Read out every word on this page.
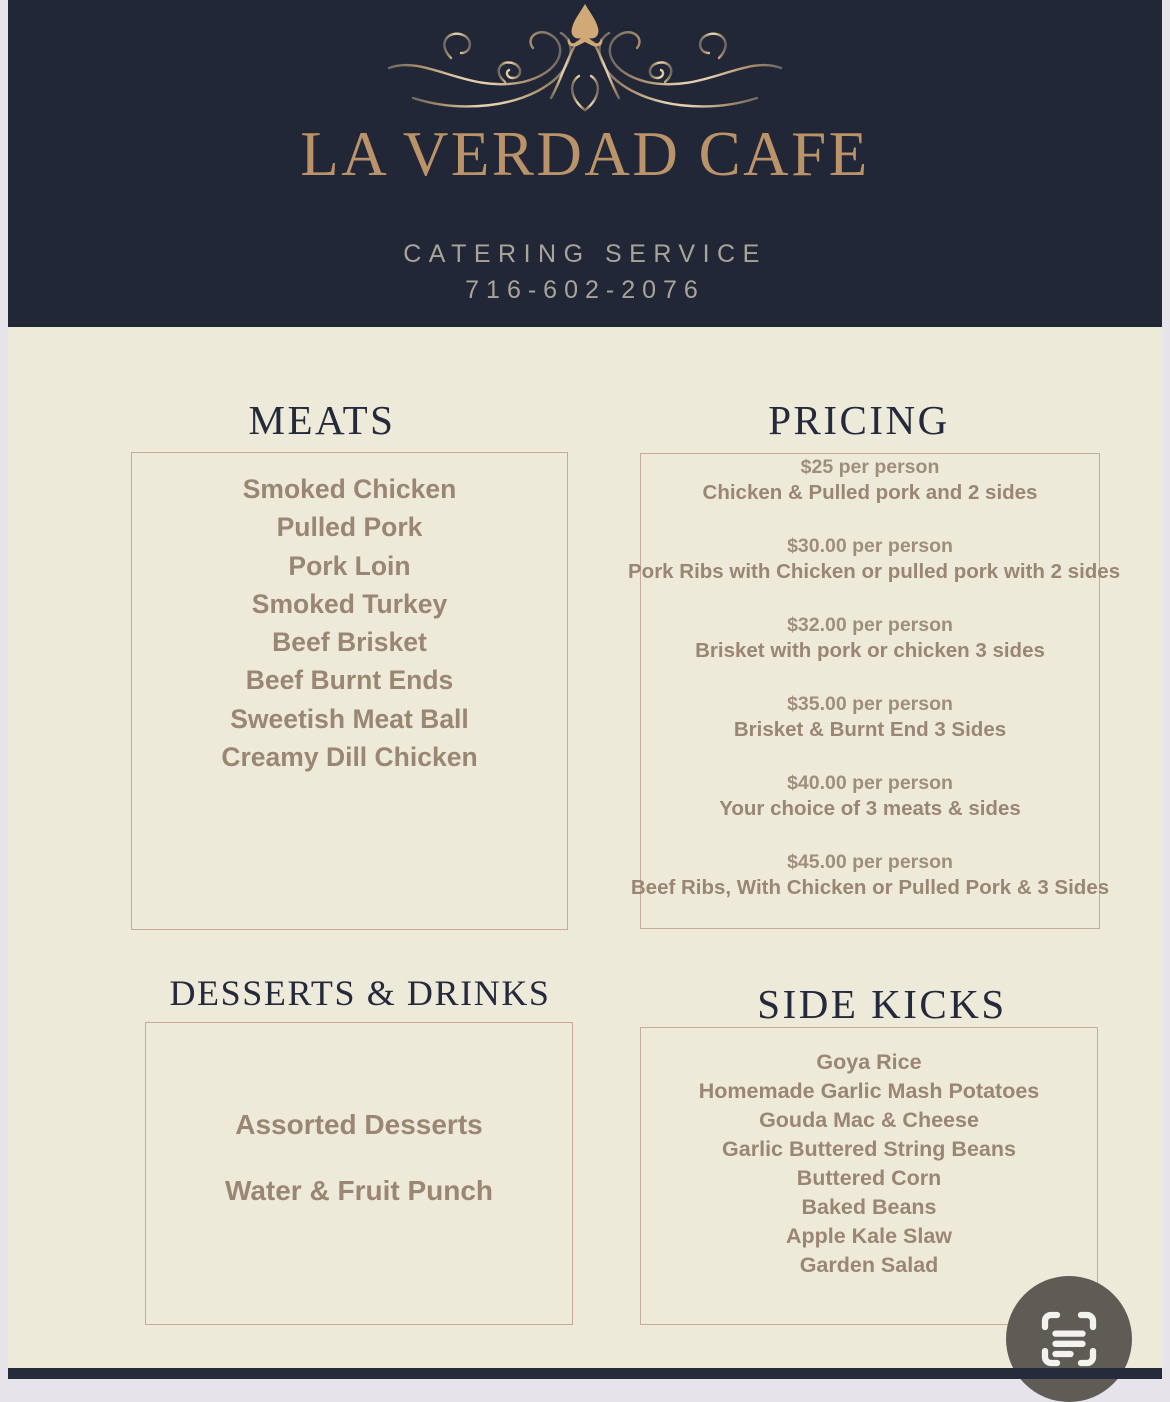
LA VERDAD CAFE
CATERING SERVICE
716-602-2076
MEATS
Smoked Chicken
Pulled Pork
Pork Loin
Smoked Turkey
Beef Brisket
Beef Burnt Ends
Sweetish Meat Ball
Creamy Dill Chicken
PRICING
$25 per person
Chicken & Pulled pork and 2 sides
$30.00 per person
Pork Ribs with Chicken or pulled pork with 2 sides
$32.00 per person
Brisket with pork or chicken 3 sides
$35.00 per person
Brisket & Burnt End 3 Sides
$40.00 per person
Your choice of 3 meats & sides
$45.00 per person
Beef Ribs, With Chicken or Pulled Pork & 3 Sides
DESSERTS & DRINKS
Assorted Desserts
Water & Fruit Punch
SIDE KICKS
Goya Rice
Homemade Garlic Mash Potatoes
Gouda Mac & Cheese
Garlic Buttered String Beans
Buttered Corn
Baked Beans
Apple Kale Slaw
Garden Salad
